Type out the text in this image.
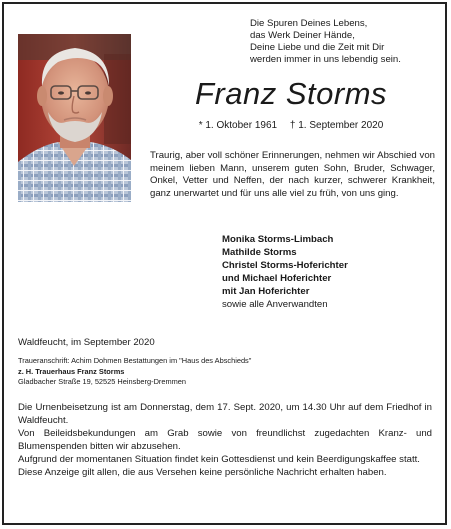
Die Spuren Deines Lebens,
das Werk Deiner Hände,
Deine Liebe und die Zeit mit Dir
werden immer in uns lebendig sein.
Franz Storms
* 1. Oktober 1961 † 1. September 2020
Traurig, aber voll schöner Erinnerungen, nehmen wir Abschied von meinem lieben Mann, unserem guten Sohn, Bruder, Schwager, Onkel, Vetter und Neffen, der nach kurzer, schwerer Krankheit, ganz unerwartet und für uns alle viel zu früh, von uns ging.
Monika Storms-Limbach
Mathilde Storms
Christel Storms-Hoferichter
und Michael Hoferichter
mit Jan Hoferichter
sowie alle Anverwandten
Waldfeucht, im September 2020
Traueranschrift: Achim Dohmen Bestattungen im "Haus des Abschieds"
z. H. Trauerhaus Franz Storms
Gladbacher Straße 19, 52525 Heinsberg-Dremmen

Die Urnenbeisetzung ist am Donnerstag, dem 17. Sept. 2020, um 14.30 Uhr auf dem Friedhof in Waldfeucht.

Von Beileidsbekundungen am Grab sowie von freundlichst zugedachten Kranz- und Blumenspenden bitten wir abzusehen.

Aufgrund der momentanen Situation findet kein Gottesdienst und kein Beerdigungskaffee statt.

Diese Anzeige gilt allen, die aus Versehen keine persönliche Nachricht erhalten haben.
